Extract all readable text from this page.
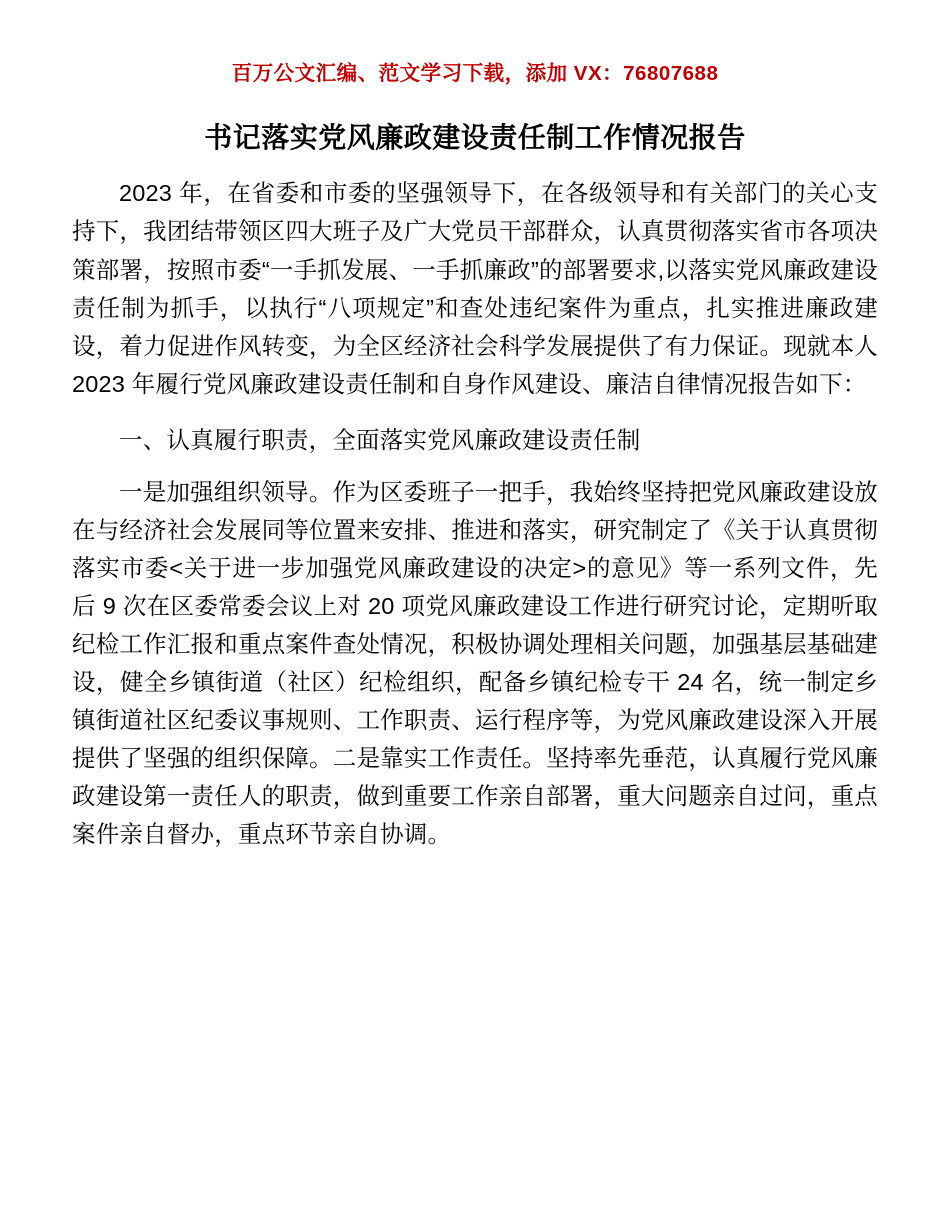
百万公文汇编、范文学习下载，添加 VX：76807688
书记落实党风廉政建设责任制工作情况报告

2023 年，在省委和市委的坚强领导下，在各级领导和有关部门的关心支持下，我团结带领区四大班子及广大党员干部群众，认真贯彻落实省市各项决策部署，按照市委“一手抓发展、一手抓廉政”的部署要求,以落实党风廉政建设责任制为抓手，以执行“八项规定”和查处违纪案件为重点，扎实推进廉政建设，着力促进作风转变，为全区经济社会科学发展提供了有力保证。现就本人 2023 年履行党风廉政建设责任制和自身作风建设、廉洁自律情况报告如下：

一、认真履行职责，全面落实党风廉政建设责任制

一是加强组织领导。作为区委班子一把手，我始终坚持把党风廉政建设放在与经济社会发展同等位置来安排、推进和落实，研究制定了《关于认真贯彻落实市委<关于进一步加强党风廉政建设的决定>的意见》等一系列文件，先后 9 次在区委常委会议上对 20 项党风廉政建设工作进行研究讨论，定期听取纪检工作汇报和重点案件查处情况，积极协调处理相关问题，加强基层基础建设，健全乡镇街道（社区）纪检组织，配备乡镇纪检专干 24 名，统一制定乡镇街道社区纪委议事规则、工作职责、运行程序等，为党风廉政建设深入开展提供了坚强的组织保障。二是靠实工作责任。坚持率先垂范，认真履行党风廉政建设第一责任人的职责，做到重要工作亲自部署，重大问题亲自过问，重点案件亲自督办，重点环节亲自协调。
